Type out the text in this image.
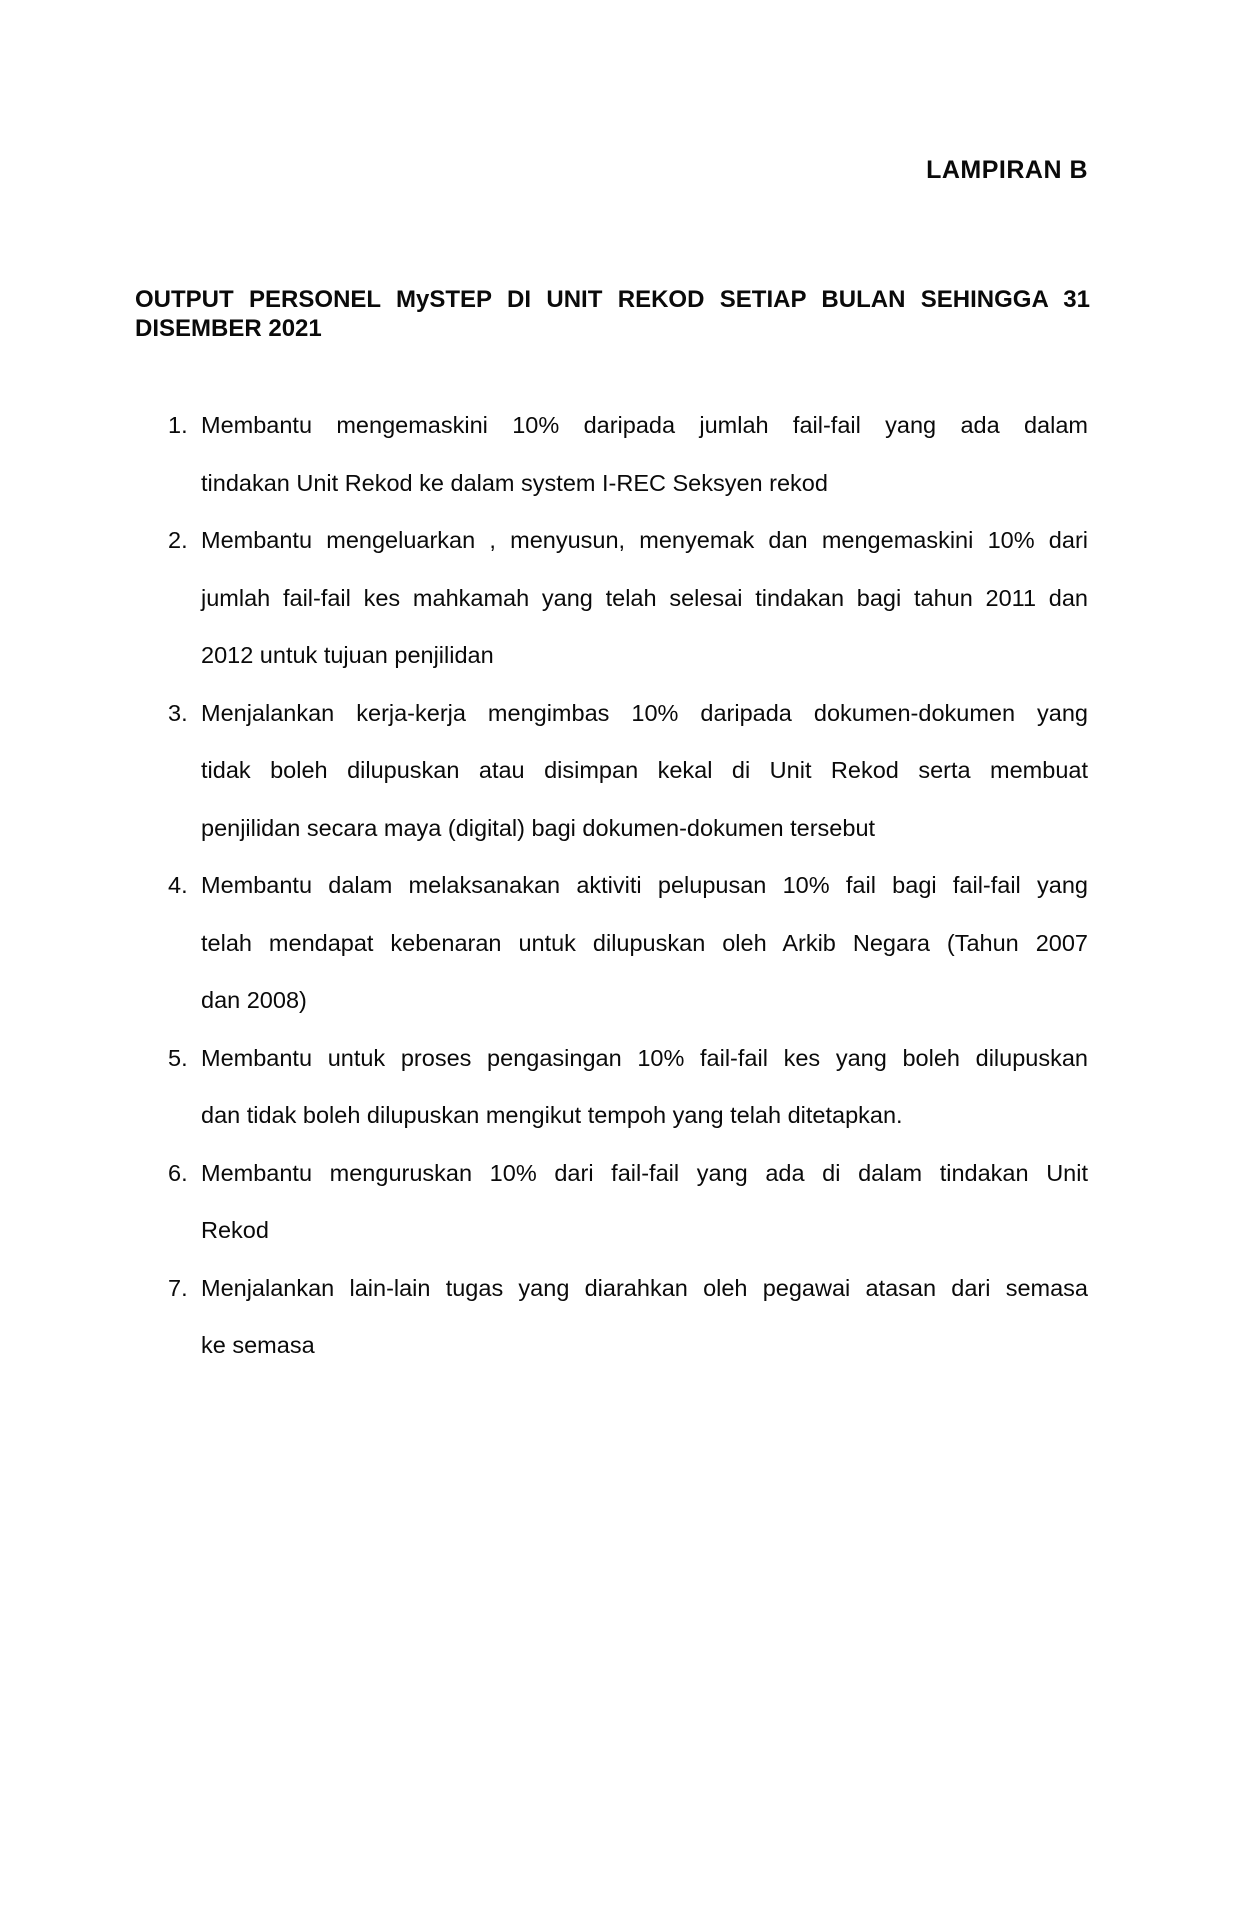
LAMPIRAN B
OUTPUT PERSONEL MySTEP DI UNIT REKOD SETIAP BULAN SEHINGGA 31
DISEMBER 2021
1. Membantu mengemaskini 10% daripada jumlah fail-fail yang ada dalam
tindakan Unit Rekod ke dalam system I-REC Seksyen rekod
2. Membantu mengeluarkan , menyusun, menyemak dan mengemaskini 10% dari
jumlah fail-fail kes mahkamah yang telah selesai tindakan bagi tahun 2011 dan
2012 untuk tujuan penjilidan
3. Menjalankan kerja-kerja mengimbas 10% daripada dokumen-dokumen yang
tidak boleh dilupuskan atau disimpan kekal di Unit Rekod serta membuat
penjilidan secara maya (digital) bagi dokumen-dokumen tersebut
4. Membantu dalam melaksanakan aktiviti pelupusan 10% fail bagi fail-fail yang
telah mendapat kebenaran untuk dilupuskan oleh Arkib Negara (Tahun 2007
dan 2008)
5. Membantu untuk proses pengasingan 10% fail-fail kes yang boleh dilupuskan
dan tidak boleh dilupuskan mengikut tempoh yang telah ditetapkan.
6. Membantu menguruskan 10% dari fail-fail yang ada di dalam tindakan Unit
Rekod
7. Menjalankan lain-lain tugas yang diarahkan oleh pegawai atasan dari semasa
ke semasa
